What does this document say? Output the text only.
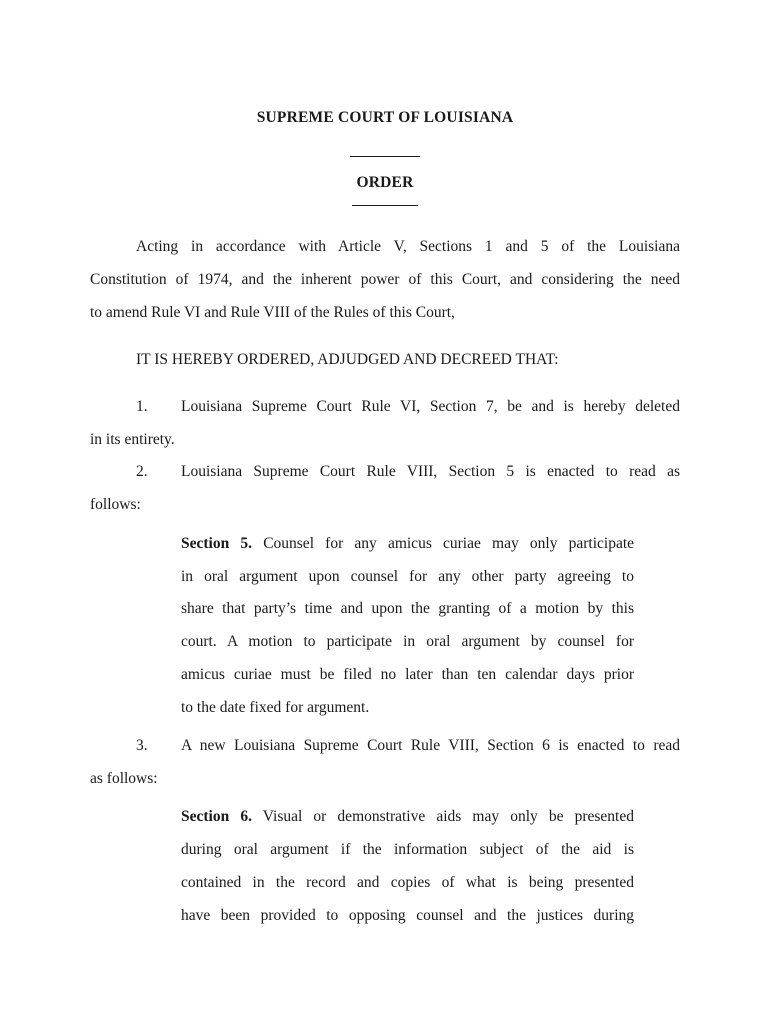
SUPREME COURT OF LOUISIANA
ORDER
Acting in accordance with Article V, Sections 1 and 5 of the Louisiana
Constitution of 1974, and the inherent power of this Court, and considering the need
to amend Rule VI and Rule VIII of the Rules of this Court,
IT IS HEREBY ORDERED, ADJUDGED AND DECREED THAT:
1. Louisiana Supreme Court Rule VI, Section 7, be and is hereby deleted
in its entirety.
2. Louisiana Supreme Court Rule VIII, Section 5 is enacted to read as
follows:
Section 5. Counsel for any amicus curiae may only participate
in oral argument upon counsel for any other party agreeing to
share that party’s time and upon the granting of a motion by this
court. A motion to participate in oral argument by counsel for
amicus curiae must be filed no later than ten calendar days prior
to the date fixed for argument.
3. A new Louisiana Supreme Court Rule VIII, Section 6 is enacted to read
as follows:
Section 6. Visual or demonstrative aids may only be presented
during oral argument if the information subject of the aid is
contained in the record and copies of what is being presented
have been provided to opposing counsel and the justices during
